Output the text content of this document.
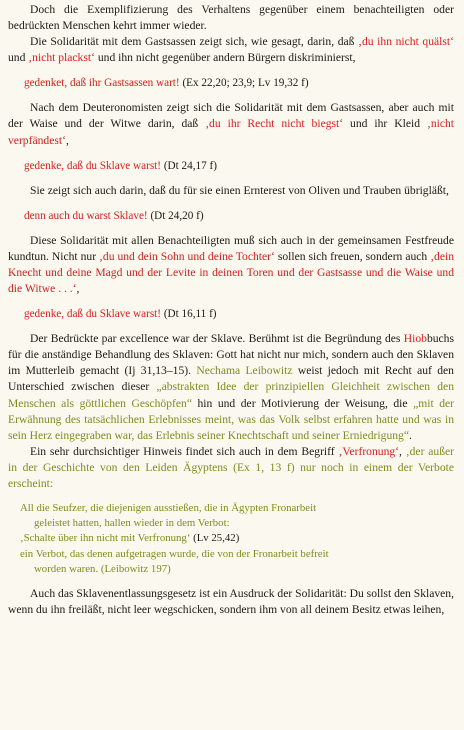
Doch die Exemplifizierung des Verhaltens gegenüber einem benachteiligten oder bedrückten Menschen kehrt immer wieder.

Die Solidarität mit dem Gastsassen zeigt sich, wie gesagt, darin, daß ‚du ihn nicht quälst‘ und ‚nicht plackst‘ und ihn nicht gegenüber andern Bürgern diskriminierst,

gedenket, daß ihr Gastsassen wart! (Ex 22,20; 23,9; Lv 19,32 f)

Nach dem Deuteronomisten zeigt sich die Solidarität mit dem Gastsassen, aber auch mit der Waise und der Witwe darin, daß ‚du ihr Recht nicht biegst‘ und ihr Kleid ‚nicht verpfändest‘,

gedenke, daß du Sklave warst! (Dt 24,17 f)

Sie zeigt sich auch darin, daß du für sie einen Ernterest von Oliven und Trauben übrigläßt,

denn auch du warst Sklave! (Dt 24,20 f)

Diese Solidarität mit allen Benachteiligten muß sich auch in der gemeinsamen Festfreude kundtun. Nicht nur ‚du und dein Sohn und deine Tochter‘ sollen sich freuen, sondern auch ‚dein Knecht und deine Magd und der Levite in deinen Toren und der Gastsasse und die Waise und die Witwe . . .‘,

gedenke, daß du Sklave warst! (Dt 16,11 f)

Der Bedrückte par excellence war der Sklave. Berühmt ist die Begründung des Hiobbuchs für die anständige Behandlung des Sklaven: Gott hat nicht nur mich, sondern auch den Sklaven im Mutterleib gemacht (Ij 31,13–15). Nechama Leibowitz weist jedoch mit Recht auf den Unterschied zwischen dieser „abstrakten Idee der prinzipiellen Gleichheit zwischen den Menschen als göttlichen Geschöpfen“ hin und der Motivierung der Weisung, die „mit der Erwähnung des tatsächlichen Erlebnisses meint, was das Volk selbst erfahren hatte und was in sein Herz eingegraben war, das Erlebnis seiner Knechtschaft und seiner Erniedrigung“.

Ein sehr durchsichtiger Hinweis findet sich auch in dem Begriff ‚Verfronung‘, ‚der außer in der Geschichte von den Leiden Ägyptens (Ex 1, 13 f) nur noch in einem der Verbote erscheint:

All die Seufzer, die diejenigen ausstießen, die in Ägypten Fronarbeit
geleistet hatten, hallen wieder in dem Verbot:
‚Schalte über ihn nicht mit Verfronung‘ (Lv 25,42)
ein Verbot, das denen aufgetragen wurde, die von der Fronarbeit befreit
worden waren. (Leibowitz 197)

Auch das Sklavenentlassungsgesetz ist ein Ausdruck der Solidarität: Du sollst den Sklaven, wenn du ihn freiläßt, nicht leer wegschicken, sondern ihm von all deinem Besitz etwas leihen,
